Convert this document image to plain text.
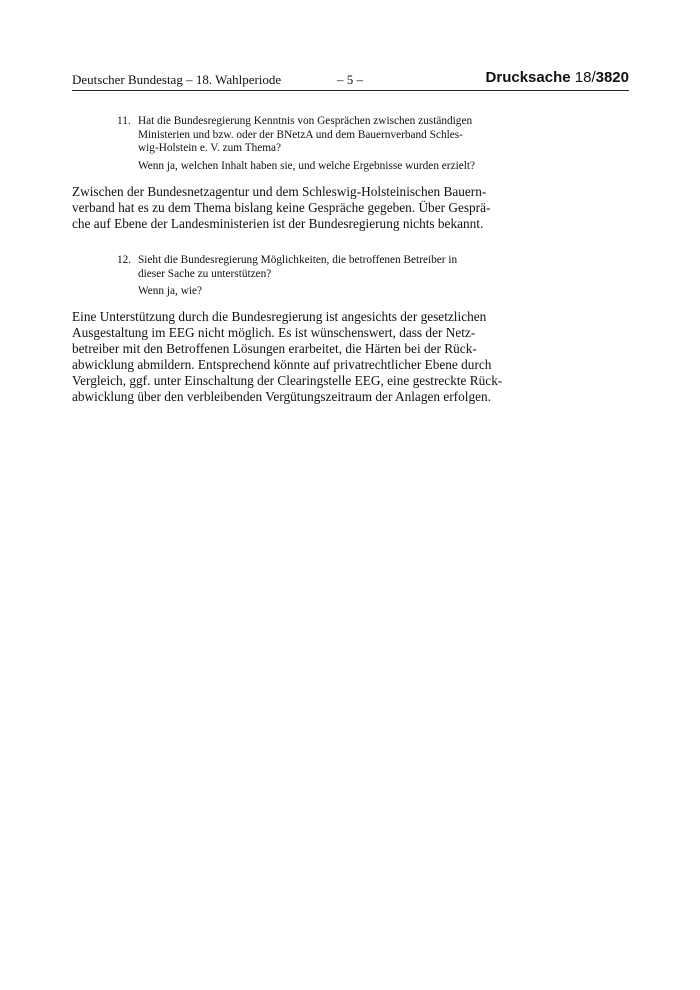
Deutscher Bundestag – 18. Wahlperiode	– 5 –	Drucksache 18/3820
11. Hat die Bundesregierung Kenntnis von Gesprächen zwischen zuständigen
Ministerien und bzw. oder der BNetzA und dem Bauernverband Schles-
wig-Holstein e. V. zum Thema?
Wenn ja, welchen Inhalt haben sie, und welche Ergebnisse wurden erzielt?
Zwischen der Bundesnetzagentur und dem Schleswig-Holsteinischen Bauern-
verband hat es zu dem Thema bislang keine Gespräche gegeben. Über Gesprä-
che auf Ebene der Landesministerien ist der Bundesregierung nichts bekannt.
12. Sieht die Bundesregierung Möglichkeiten, die betroffenen Betreiber in
dieser Sache zu unterstützen?
Wenn ja, wie?
Eine Unterstützung durch die Bundesregierung ist angesichts der gesetzlichen
Ausgestaltung im EEG nicht möglich. Es ist wünschenswert, dass der Netz-
betreiber mit den Betroffenen Lösungen erarbeitet, die Härten bei der Rück-
abwicklung abmildern. Entsprechend könnte auf privatrechtlicher Ebene durch
Vergleich, ggf. unter Einschaltung der Clearingstelle EEG, eine gestreckte Rück-
abwicklung über den verbleibenden Vergütungszeitraum der Anlagen erfolgen.
